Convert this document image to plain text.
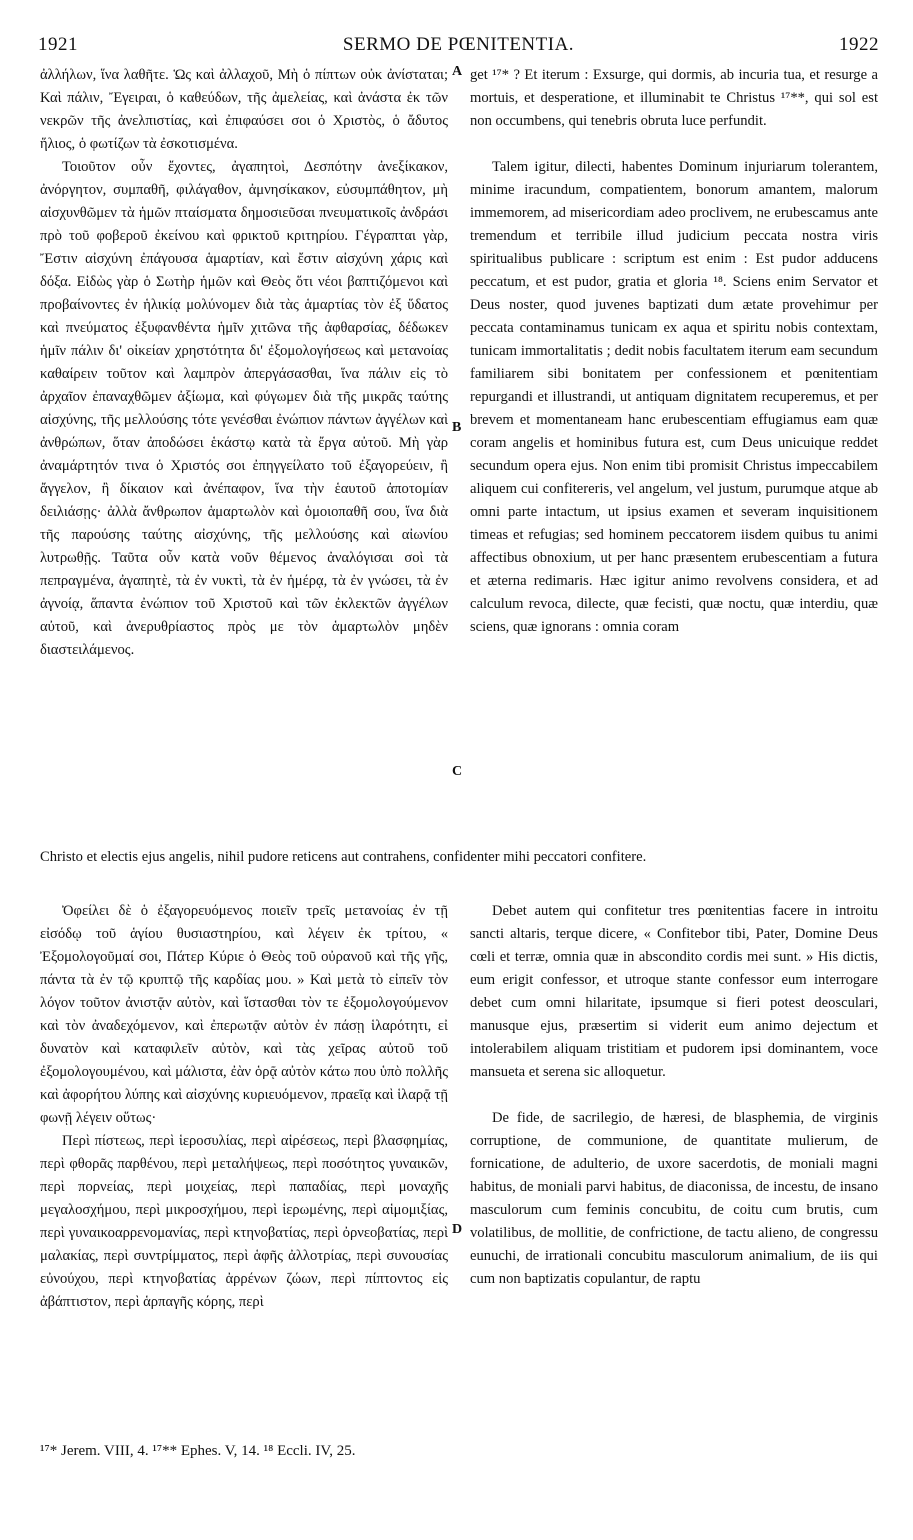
1921	SERMO DE PŒNITENTIA.	1922
A
B
C
D

ἀλλήλων, ἵνα λαθῆτε. Ὡς καὶ ἀλλαχοῦ, Μὴ ὁ πίπτων οὐκ ἀνίσταται; Καὶ πάλιν, Ἔγειραι, ὁ καθεύδων, τῆς ἀμελείας, καὶ ἀνάστα ἐκ τῶν νεκρῶν τῆς ἀνελπιστίας, καὶ ἐπιφαύσει σοι ὁ Χριστὸς, ὁ ἄδυτος ἥλιος, ὁ φωτίζων τὰ ἐσκοτισμένα.

Τοιοῦτον οὖν ἔχοντες, ἀγαπητοὶ, Δεσπότην ἀνεξίκακον, ἀνόργητον, συμπαθῆ, φιλάγαθον, ἀμνησίκακον, εὐσυμπάθητον, μὴ αἰσχυνθῶμεν τὰ ἡμῶν πταίσματα δημοσιεῦσαι πνευματικοῖς ἀνδράσι πρὸ τοῦ φοβεροῦ ἐκείνου καὶ φρικτοῦ κριτηρίου. Γέγραπται γὰρ, Ἔστιν αἰσχύνη ἐπάγουσα ἁμαρτίαν, καὶ ἔστιν αἰσχύνη χάρις καὶ δόξα. Εἰδὼς γὰρ ὁ Σωτὴρ ἡμῶν καὶ Θεὸς ὅτι νέοι βαπτιζόμενοι καὶ προβαίνοντες ἐν ἡλικίᾳ μολύνομεν διὰ τὰς ἁμαρτίας τὸν ἐξ ὕδατος καὶ πνεύματος ἐξυφανθέντα ἡμῖν χιτῶνα τῆς ἀφθαρσίας, δέδωκεν ἡμῖν πάλιν δι' οἰκείαν χρηστότητα δι' ἐξομολογήσεως καὶ μετανοίας καθαίρειν τοῦτον καὶ λαμπρὸν ἀπεργάσασθαι, ἵνα πάλιν εἰς τὸ ἀρχαῖον ἐπαναχθῶμεν ἀξίωμα, καὶ φύγωμεν διὰ τῆς μικρᾶς ταύτης αἰσχύνης, τῆς μελλούσης τότε γενέσθαι ἐνώπιον πάντων ἀγγέλων καὶ ἀνθρώπων, ὅταν ἀποδώσει ἑκάστῳ κατὰ τὰ ἔργα αὐτοῦ. Μὴ γὰρ ἀναμάρτητόν τινα ὁ Χριστός σοι ἐπηγγείλατο τοῦ ἐξαγορεύειν, ἢ ἄγγελον, ἢ δίκαιον καὶ ἀνέπαφον, ἵνα τὴν ἑαυτοῦ ἀποτομίαν δειλιάσῃς· ἀλλὰ ἄνθρωπον ἁμαρτωλὸν καὶ ὁμοιοπαθῆ σου, ἵνα διὰ τῆς παρούσης ταύτης αἰσχύνης, τῆς μελλούσης καὶ αἰωνίου λυτρωθῇς. Ταῦτα οὖν κατὰ νοῦν θέμενος ἀναλόγισαι σοὶ τὰ πεπραγμένα, ἀγαπητὲ, τὰ ἐν νυκτὶ, τὰ ἐν ἡμέρᾳ, τὰ ἐν γνώσει, τὰ ἐν ἀγνοίᾳ, ἅπαντα ἐνώπιον τοῦ Χριστοῦ καὶ τῶν ἐκλεκτῶν ἀγγέλων αὐτοῦ, καὶ ἀνερυθρίαστος πρὸς με τὸν ἁμαρτωλὸν μηδὲν διαστειλάμενος.

get ¹⁷* ? Et iterum : Exsurge, qui dormis, ab incuria tua, et resurge a mortuis, et desperatione, et illuminabit te Christus ¹⁷**, qui sol est non occumbens, qui tenebris obruta luce perfundit.

Talem igitur, dilecti, habentes Dominum injuriarum tolerantem, minime iracundum, compatientem, bonorum amantem, malorum immemorem, ad misericordiam adeo proclivem, ne erubescamus ante tremendum et terribile illud judicium peccata nostra viris spiritualibus publicare : scriptum est enim : Est pudor adducens peccatum, et est pudor, gratia et gloria ¹⁸. Sciens enim Servator et Deus noster, quod juvenes baptizati dum ætate provehimur per peccata contaminamus tunicam ex aqua et spiritu nobis contextam, tunicam immortalitatis ; dedit nobis facultatem iterum eam secundum familiarem sibi bonitatem per confessionem et pœnitentiam repurgandi et illustrandi, ut antiquam dignitatem recuperemus, et per brevem et momentaneam hanc erubescentiam effugiamus eam quæ coram angelis et hominibus futura est, cum Deus unicuique reddet secundum opera ejus. Non enim tibi promisit Christus impeccabilem aliquem cui confitereris, vel angelum, vel justum, purumque atque ab omni parte intactum, ut ipsius examen et severam inquisitionem timeas et refugias; sed hominem peccatorem iisdem quibus tu animi affectibus obnoxium, ut per hanc præsentem erubescentiam a futura et æterna redimaris. Hæc igitur animo revolvens considera, et ad calculum revoca, dilecte, quæ fecisti, quæ noctu, quæ interdiu, quæ sciens, quæ ignorans : omnia coram

Christo et electis ejus angelis, nihil pudore reticens aut contrahens, confidenter mihi peccatori confitere.

Ὀφείλει δὲ ὁ ἐξαγορευόμενος ποιεῖν τρεῖς μετανοίας ἐν τῇ εἰσόδῳ τοῦ ἁγίου θυσιαστηρίου, καὶ λέγειν ἐκ τρίτου, « Ἐξομολογοῦμαί σοι, Πάτερ Κύριε ὁ Θεὸς τοῦ οὐρανοῦ καὶ τῆς γῆς, πάντα τὰ ἐν τῷ κρυπτῷ τῆς καρδίας μου. » Καὶ μετὰ τὸ εἰπεῖν τὸν λόγον τοῦτον ἀνιστᾷν αὐτὸν, καὶ ἵστασθαι τὸν τε ἐξομολογούμενον καὶ τὸν ἀναδεχόμενον, καὶ ἐπερωτᾷν αὐτὸν ἐν πάσῃ ἱλαρότητι, εἰ δυνατὸν καὶ καταφιλεῖν αὐτὸν, καὶ τὰς χεῖρας αὐτοῦ τοῦ ἐξομολογουμένου, καὶ μάλιστα, ἐὰν ὁρᾷ αὐτὸν κάτω που ὑπὸ πολλῆς καὶ ἀφορήτου λύπης καὶ αἰσχύνης κυριευόμενον, πραεῖᾳ καὶ ἱλαρᾷ τῇ φωνῇ λέγειν οὕτως·

Περὶ πίστεως, περὶ ἱεροσυλίας, περὶ αἱρέσεως, περὶ βλασφημίας, περὶ φθορᾶς παρθένου, περὶ μεταλήψεως, περὶ ποσότητος γυναικῶν, περὶ πορνείας, περὶ μοιχείας, περὶ παπαδίας, περὶ μοναχῆς μεγαλοσχήμου, περὶ μικροσχήμου, περὶ ἱερωμένης, περὶ αἱμομιξίας, περὶ γυναικοαρρενομανίας, περὶ κτηνοβατίας, περὶ ὀρνεοβατίας, περὶ μαλακίας, περὶ συντρίμματος, περὶ ἁφῆς ἀλλοτρίας, περὶ συνουσίας εὐνούχου, περὶ κτηνοβατίας ἀρρένων ζώων, περὶ πίπτοντος εἰς ἀβάπτιστον, περὶ ἁρπαγῆς κόρης, περὶ

Debet autem qui confitetur tres pœnitentias facere in introitu sancti altaris, terque dicere, « Confitebor tibi, Pater, Domine Deus cœli et terræ, omnia quæ in abscondito cordis mei sunt. » His dictis, eum erigit confessor, et utroque stante confessor eum interrogare debet cum omni hilaritate, ipsumque si fieri potest deosculari, manusque ejus, præsertim si viderit eum animo dejectum et intolerabilem aliquam tristitiam et pudorem ipsi dominantem, voce mansueta et serena sic alloquetur.

De fide, de sacrilegio, de hæresi, de blasphemia, de virginis corruptione, de communione, de quantitate mulierum, de fornicatione, de adulterio, de uxore sacerdotis, de moniali magni habitus, de moniali parvi habitus, de diaconissa, de incestu, de insano masculorum cum feminis concubitu, de coitu cum brutis, cum volatilibus, de mollitie, de confrictione, de tactu alieno, de congressu eunuchi, de irrationali concubitu masculorum animalium, de iis qui cum non baptizatis copulantur, de raptu

¹⁷* Jerem. VIII, 4. ¹⁷** Ephes. V, 14. ¹⁸ Eccli. IV, 25.
